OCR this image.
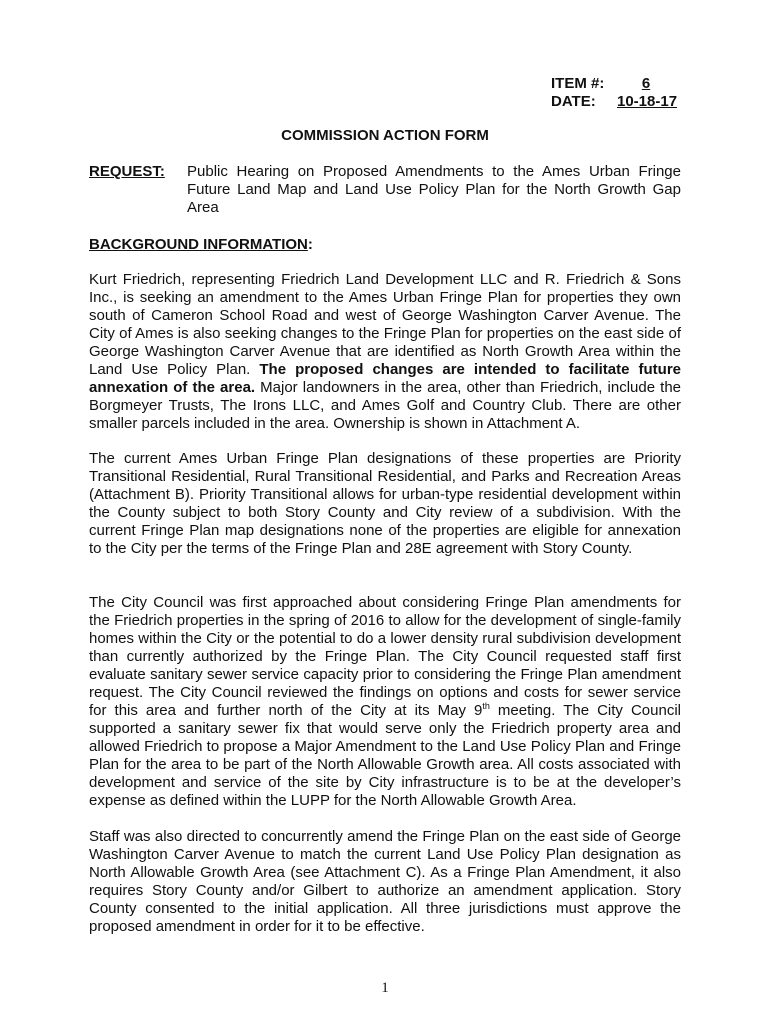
ITEM #:	6
DATE:	10-18-17
COMMISSION ACTION FORM
REQUEST:	Public Hearing on Proposed Amendments to the Ames Urban Fringe Future Land Map and Land Use Policy Plan for the North Growth Gap Area
BACKGROUND INFORMATION:

Kurt Friedrich, representing Friedrich Land Development LLC and R. Friedrich & Sons Inc., is seeking an amendment to the Ames Urban Fringe Plan for properties they own south of Cameron School Road and west of George Washington Carver Avenue. The City of Ames is also seeking changes to the Fringe Plan for properties on the east side of George Washington Carver Avenue that are identified as North Growth Area within the Land Use Policy Plan. The proposed changes are intended to facilitate future annexation of the area. Major landowners in the area, other than Friedrich, include the Borgmeyer Trusts, The Irons LLC, and Ames Golf and Country Club. There are other smaller parcels included in the area. Ownership is shown in Attachment A.

The current Ames Urban Fringe Plan designations of these properties are Priority Transitional Residential, Rural Transitional Residential, and Parks and Recreation Areas (Attachment B). Priority Transitional allows for urban-type residential development within the County subject to both Story County and City review of a subdivision. With the current Fringe Plan map designations none of the properties are eligible for annexation to the City per the terms of the Fringe Plan and 28E agreement with Story County.

The City Council was first approached about considering Fringe Plan amendments for the Friedrich properties in the spring of 2016 to allow for the development of single-family homes within the City or the potential to do a lower density rural subdivision development than currently authorized by the Fringe Plan. The City Council requested staff first evaluate sanitary sewer service capacity prior to considering the Fringe Plan amendment request. The City Council reviewed the findings on options and costs for sewer service for this area and further north of the City at its May 9th meeting. The City Council supported a sanitary sewer fix that would serve only the Friedrich property area and allowed Friedrich to propose a Major Amendment to the Land Use Policy Plan and Fringe Plan for the area to be part of the North Allowable Growth area. All costs associated with development and service of the site by City infrastructure is to be at the developer’s expense as defined within the LUPP for the North Allowable Growth Area.

Staff was also directed to concurrently amend the Fringe Plan on the east side of George Washington Carver Avenue to match the current Land Use Policy Plan designation as North Allowable Growth Area (see Attachment C). As a Fringe Plan Amendment, it also requires Story County and/or Gilbert to authorize an amendment application. Story County consented to the initial application. All three jurisdictions must approve the proposed amendment in order for it to be effective.

1
